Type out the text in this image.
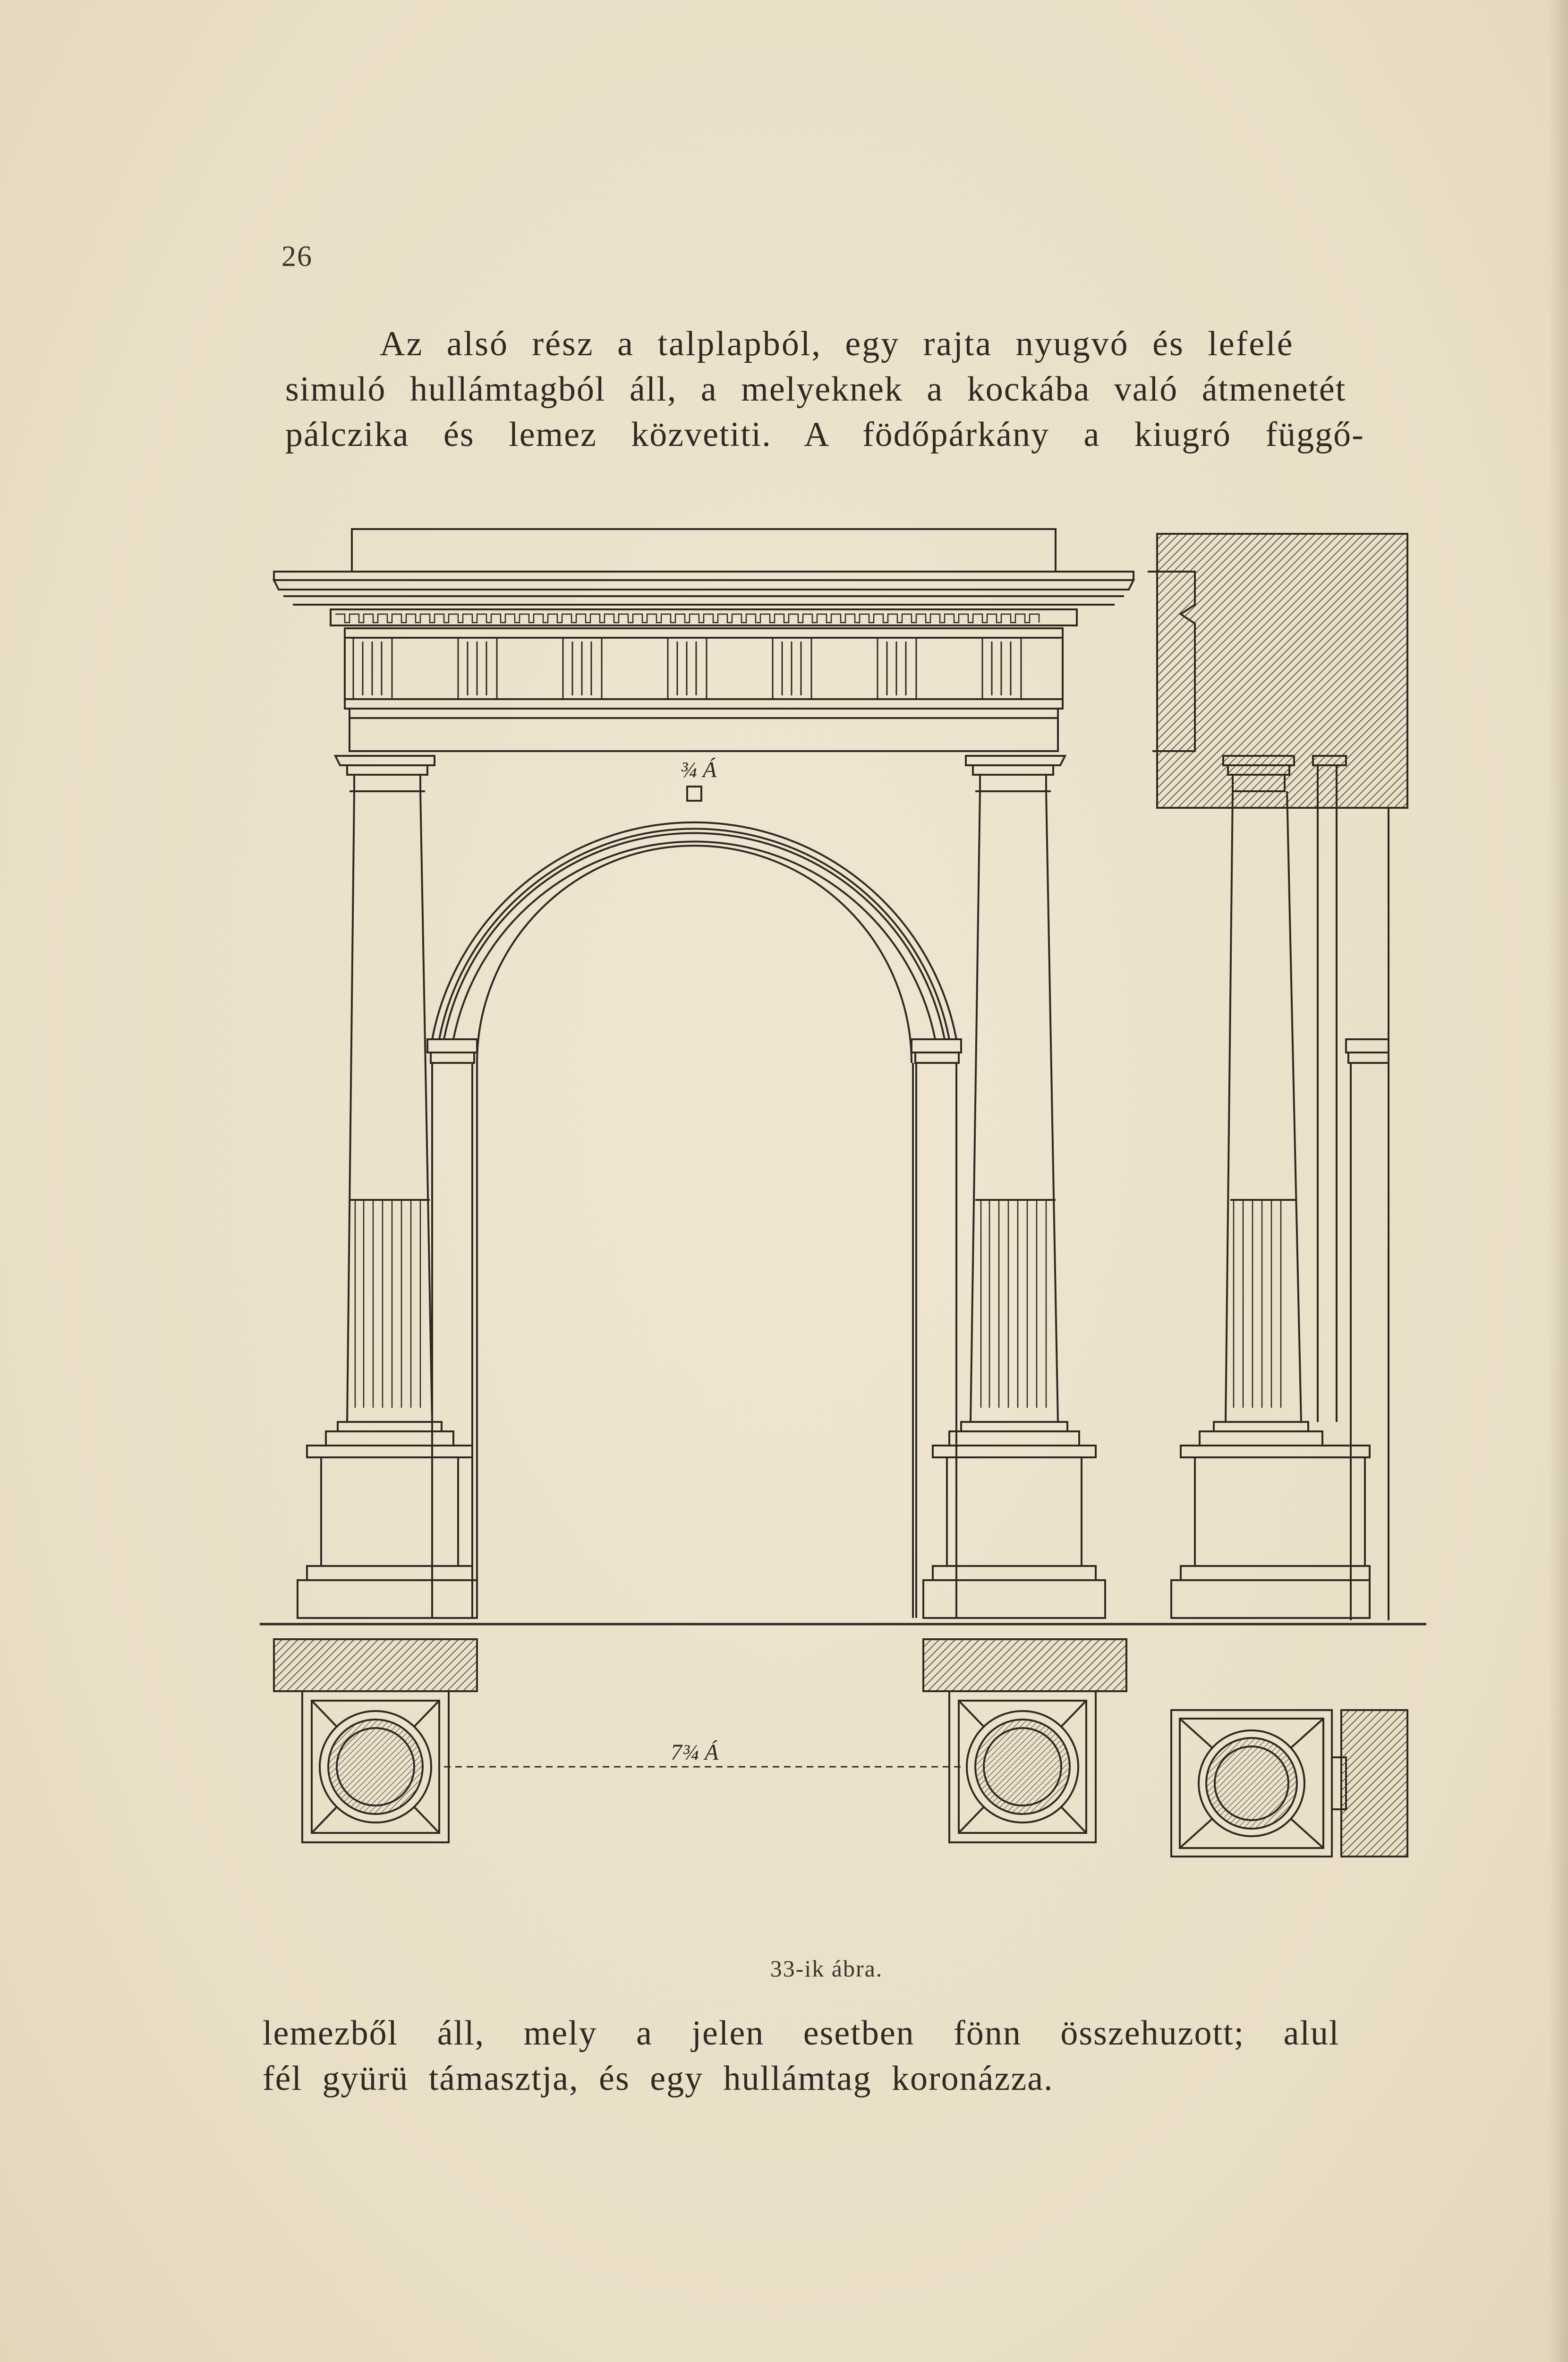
26

Az alsó rész a talplapból, egy rajta nyugvó és lefelé
simuló hullámtagból áll, a melyeknek a kockába való átmenetét
pálczika és lemez közvetiti. A födőpárkány a kiugró függő-

¾ Á
7¾ Á
33-ik ábra.

lemezből áll, mely a jelen esetben fönn összehuzott; alul
fél gyürü támasztja, és egy hullámtag koronázza.
